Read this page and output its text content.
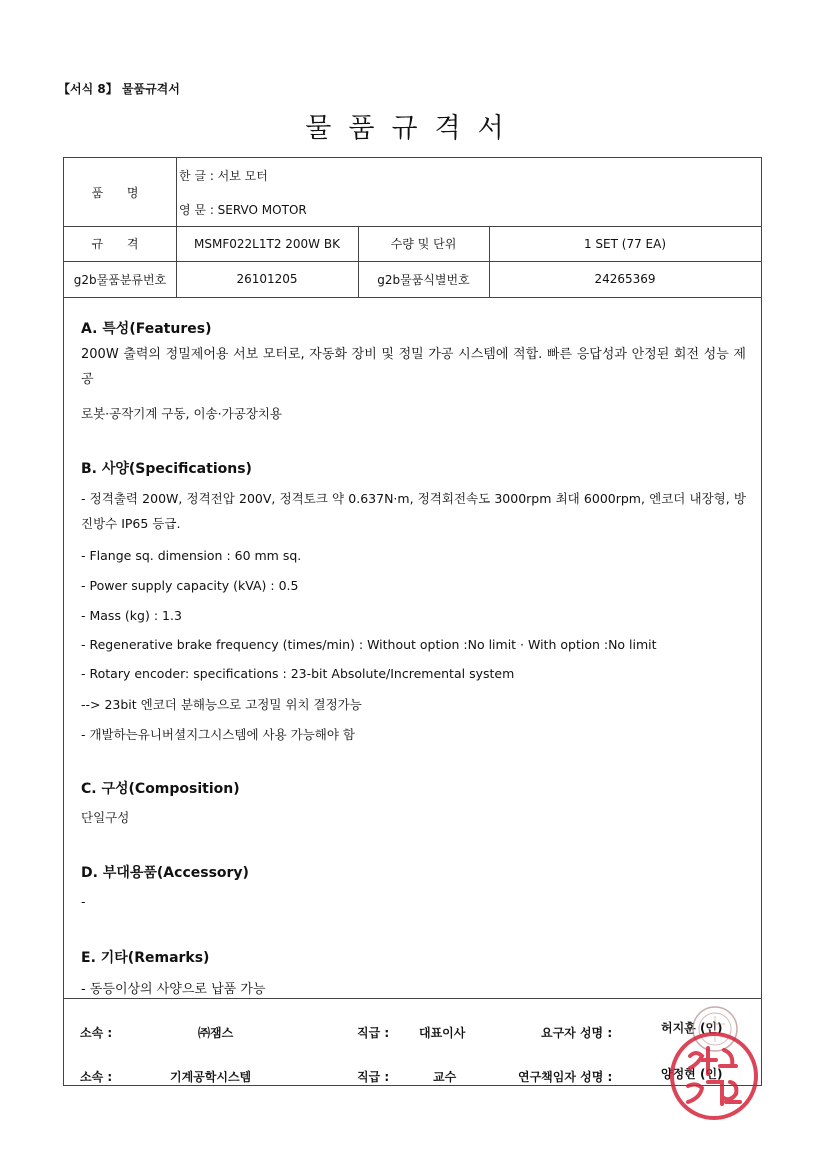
【서식 8】 물품규격서
물품규격서
품 명
한 글 : 서보 모터
영 문 : SERVO MOTOR
규 격	MSMF022L1T2 200W BK	수량 및 단위	1 SET (77 EA)
g2b물품분류번호	26101205	g2b물품식별번호	24265369
A. 특성(Features)
200W 출력의 정밀제어용 서보 모터로, 자동화 장비 및 정밀 가공 시스템에 적합. 빠른 응답성과 안정된 회전 성능 제공
로봇·공작기계 구동, 이송·가공장치용
B. 사양(Specifications)
- 정격출력 200W, 정격전압 200V, 정격토크 약 0.637N·m, 정격회전속도 3000rpm 최대 6000rpm, 엔코더 내장형, 방진방수 IP65 등급.
- Flange sq. dimension : 60 mm sq.
- Power supply capacity (kVA) : 0.5
- Mass (kg) : 1.3
- Regenerative brake frequency (times/min) : Without option :No limit · With option :No limit
- Rotary encoder: specifications : 23-bit Absolute/Incremental system
--> 23bit 엔코더 분해능으로 고정밀 위치 결정가능
- 개발하는유니버셜지그시스템에 사용 가능해야 함
C. 구성(Composition)
단일구성
D. 부대용품(Accessory)
-
E. 기타(Remarks)
- 동등이상의 사양으로 납품 가능
소속 :	㈜잼스	직급 : 대표이사	요구자 성명 :	허지훈 (인)
소속 :	기계공학시스템	직급 :	교수	연구책임자 성명 :	양정현 (인)
